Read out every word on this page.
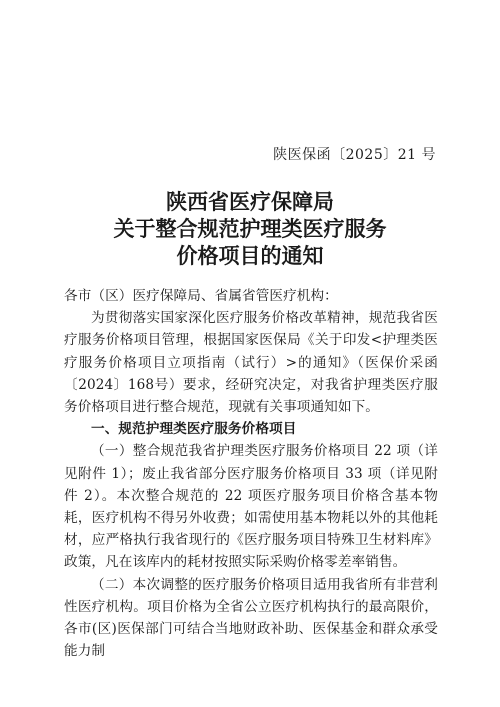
陕医保函〔2025〕21 号
陕西省医疗保障局
关于整合规范护理类医疗服务
价格项目的通知

各市（区）医疗保障局、省属省管医疗机构：

为贯彻落实国家深化医疗服务价格改革精神，规范我省医疗服务价格项目管理，根据国家医保局《关于印发<护理类医疗服务价格项目立项指南（试行）>的通知》（医保价采函〔2024〕168号）要求，经研究决定，对我省护理类医疗服务价格项目进行整合规范，现就有关事项通知如下。

一、规范护理类医疗服务价格项目

（一）整合规范我省护理类医疗服务价格项目 22 项（详见附件 1）；废止我省部分医疗服务价格项目 33 项（详见附件 2）。本次整合规范的 22 项医疗服务项目价格含基本物耗，医疗机构不得另外收费；如需使用基本物耗以外的其他耗材，应严格执行我省现行的《医疗服务项目特殊卫生材料库》政策，凡在该库内的耗材按照实际采购价格零差率销售。

（二）本次调整的医疗服务价格项目适用我省所有非营利性医疗机构。项目价格为全省公立医疗机构执行的最高限价，各市(区)医保部门可结合当地财政补助、医保基金和群众承受能力制
